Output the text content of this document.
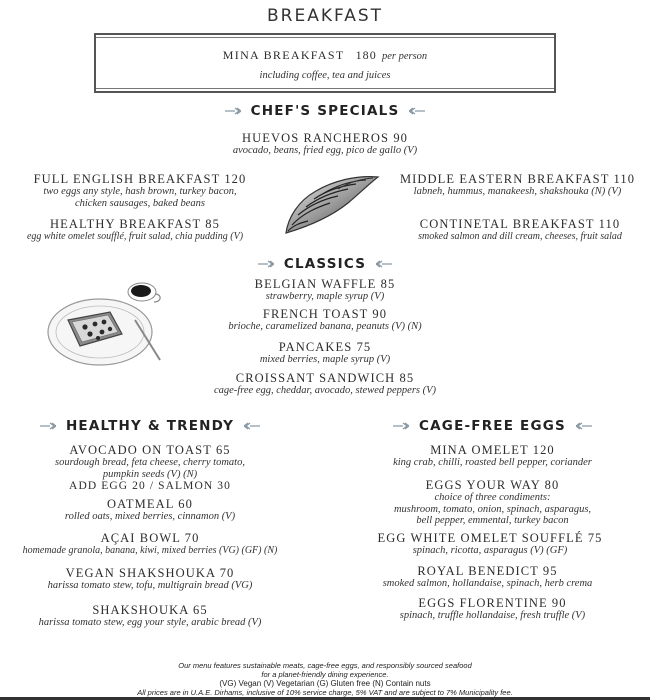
BREAKFAST
MINA BREAKFAST 180 per person
including coffee, tea and juices
CHEF'S SPECIALS
HUEVOS RANCHEROS 90
avocado, beans, fried egg, pico de gallo (V)
FULL ENGLISH BREAKFAST 120
two eggs any style, hash brown, turkey bacon,
chicken sausages, baked beans
HEALTHY BREAKFAST 85
egg white omelet soufflé, fruit salad, chia pudding (V)
MIDDLE EASTERN BREAKFAST 110
labneh, hummus, manakeesh, shakshouka (N) (V)
CONTINETAL BREAKFAST 110
smoked salmon and dill cream, cheeses, fruit salad
CLASSICS
BELGIAN WAFFLE 85
strawberry, maple syrup (V)
FRENCH TOAST 90
brioche, caramelized banana, peanuts (V) (N)
PANCAKES 75
mixed berries, maple syrup (V)
CROISSANT SANDWICH 85
cage-free egg, cheddar, avocado, stewed peppers (V)
HEALTHY & TRENDY
AVOCADO ON TOAST 65
sourdough bread, feta cheese, cherry tomato,
pumpkin seeds (V) (N)
ADD EGG 20 / SALMON 30
OATMEAL 60
rolled oats, mixed berries, cinnamon (V)
AÇAI BOWL 70
homemade granola, banana, kiwi, mixed berries (VG) (GF) (N)
VEGAN SHAKSHOUKA 70
harissa tomato stew, tofu, multigrain bread (VG)
SHAKSHOUKA 65
harissa tomato stew, egg your style, arabic bread (V)
CAGE-FREE EGGS
MINA OMELET 120
king crab, chilli, roasted bell pepper, coriander
EGGS YOUR WAY 80
choice of three condiments:
mushroom, tomato, onion, spinach, asparagus,
bell pepper, emmental, turkey bacon
EGG WHITE OMELET SOUFFLÉ 75
spinach, ricotta, asparagus (V) (GF)
ROYAL BENEDICT 95
smoked salmon, hollandaise, spinach, herb crema
EGGS FLORENTINE 90
spinach, truffle hollandaise, fresh truffle (V)
Our menu features sustainable meats, cage-free eggs, and responsibly sourced seafood
for a planet-friendly dining experience.
(VG) Vegan (V) Vegetarian (G) Gluten free (N) Contain nuts
All prices are in U.A.E. Dirhams, inclusive of 10% service charge, 5% VAT and are subject to 7% Municipality fee.
